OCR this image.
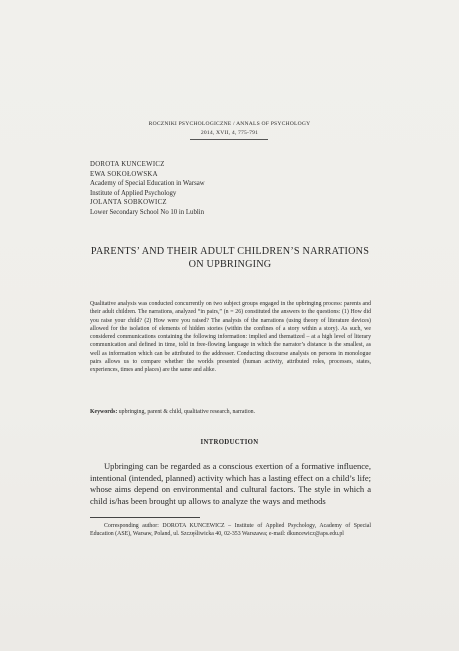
ROCZNIKI PSYCHOLOGICZNE / ANNALS OF PSYCHOLOGY
2014, XVII, 4, 775-791
DOROTA KUNCEWICZ
EWA SOKOŁOWSKA
Academy of Special Education in Warsaw
Institute of Applied Psychology
JOLANTA SOBKOWICZ
Lower Secondary School No 10 in Lublin
PARENTS’ AND THEIR ADULT CHILDREN’S NARRATIONS
ON UPBRINGING

Qualitative analysis was conducted concurrently on two subject groups engaged in the upbringing process: parents and their adult children. The narrations, analyzed “in pairs,” (n = 26) constituted the answers to the questions: (1) How did you raise your child? (2) How were you raised? The analysis of the narrations (using theory of literature devices) allowed for the isolation of elements of hidden stories (within the confines of a story within a story). As such, we considered communications containing the following information: implied and thematized – at a high level of literary communication and defined in time, told in free-flowing language in which the narrator’s distance is the smallest, as well as information which can be attributed to the addresser. Conducting discourse analysis on persons in monologue pairs allows us to compare whether the worlds presented (human activity, attributed roles, processes, states, experiences, times and places) are the same and alike.

Keywords: upbringing, parent & child, qualitative research, narration.

INTRODUCTION

Upbringing can be regarded as a conscious exertion of a formative influence, intentional (intended, planned) activity which has a lasting effect on a child’s life; whose aims depend on environmental and cultural factors. The style in which a child is/has been brought up allows to analyze the ways and methods

Corresponding author: DOROTA KUNCEWICZ – Institute of Applied Psychology, Academy of Special Education (ASE), Warsaw, Poland, ul. Szczęśliwicka 40, 02-353 Warszawa; e-mail: dkuncewicz@aps.edu.pl
